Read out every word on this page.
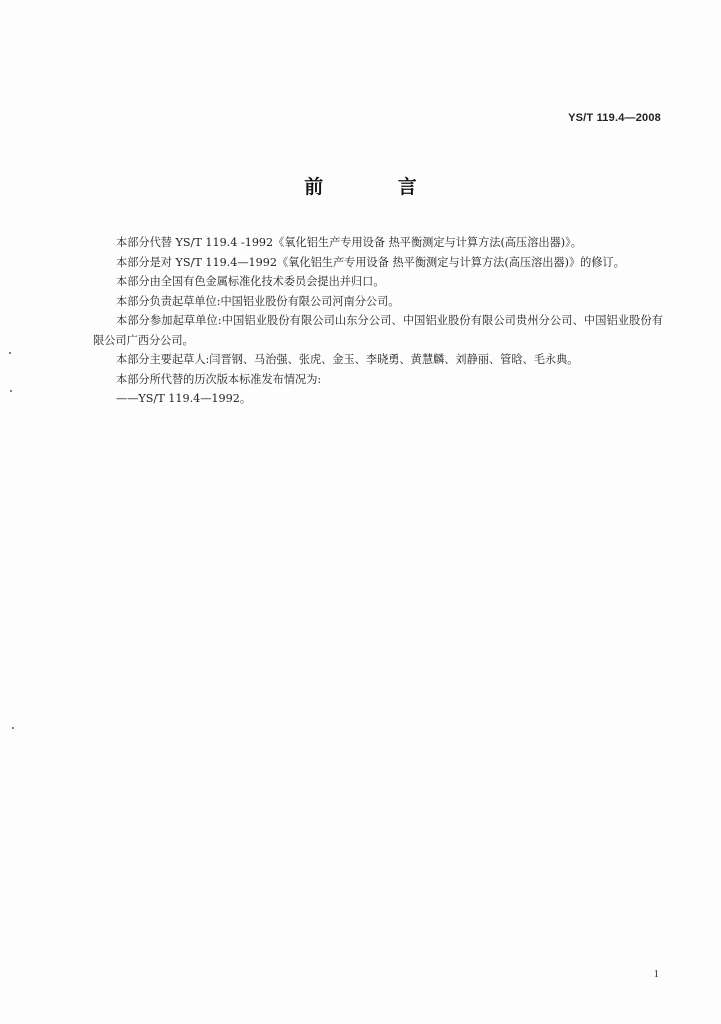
YS/T 119.4—2008
前 言

本部分代替 YS/T 119.4 -1992《氧化铝生产专用设备 热平衡测定与计算方法(高压溶出器)》。

本部分是对 YS/T 119.4—1992《氧化铝生产专用设备 热平衡测定与计算方法(高压溶出器)》的修订。

本部分由全国有色金属标准化技术委员会提出并归口。

本部分负责起草单位:中国铝业股份有限公司河南分公司。

本部分参加起草单位:中国铝业股份有限公司山东分公司、中国铝业股份有限公司贵州分公司、中国铝业股份有限公司广西分公司。

本部分主要起草人:闫晋钢、马治强、张虎、金玉、李晓勇、黄慧麟、刘静丽、管晗、毛永典。

本部分所代替的历次版本标准发布情况为:

——YS/T 119.4—1992。

1
